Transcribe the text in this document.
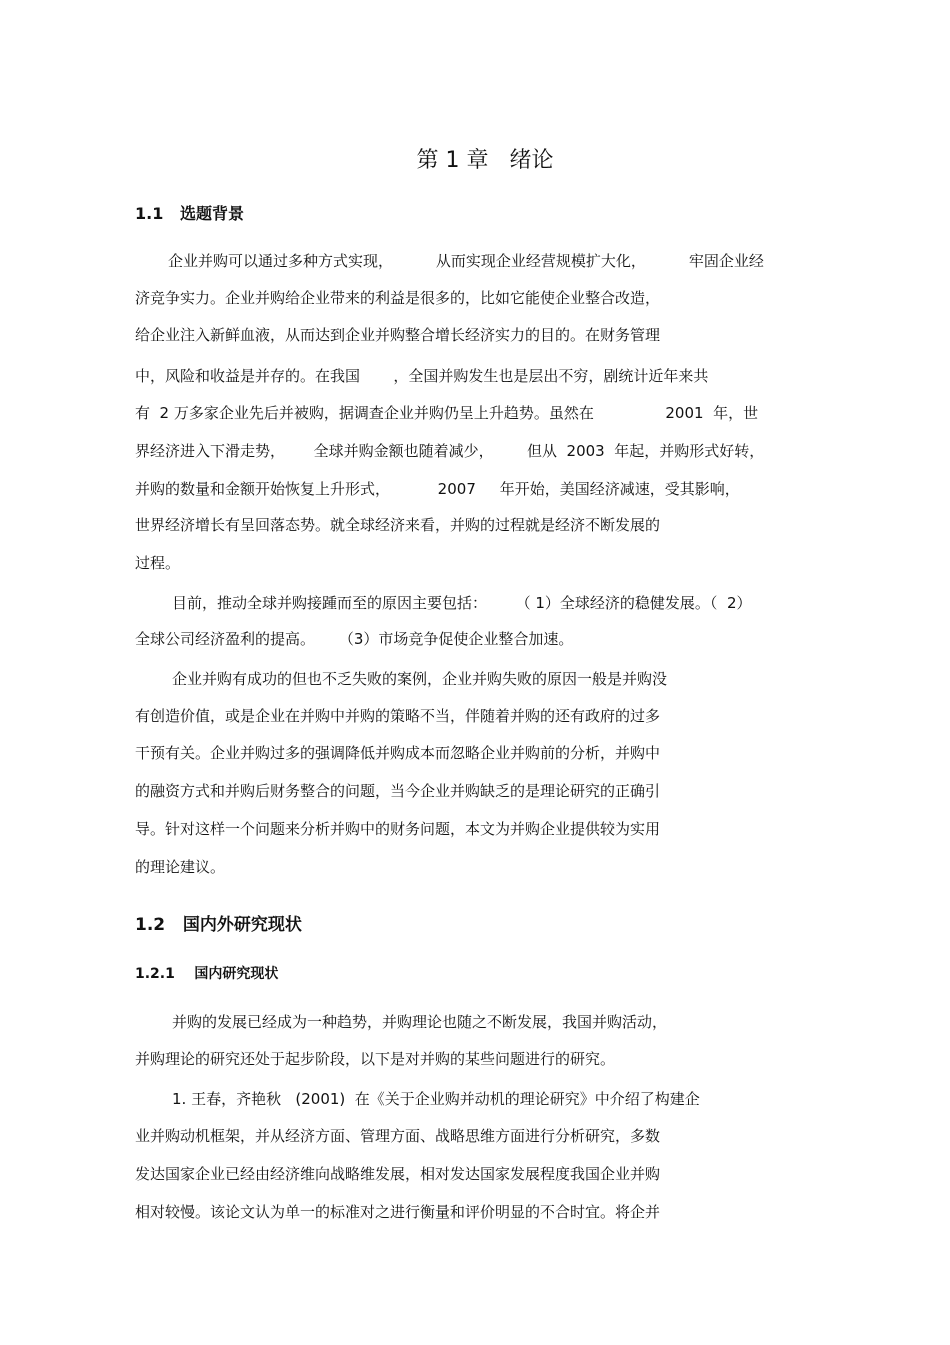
第 1 章   绪论
1.1   选题背景

企业并购可以通过多种方式实现，         从而实现企业经营规模扩大化，         牢固企业经

济竞争实力。企业并购给企业带来的利益是很多的，比如它能使企业整合改造，

给企业注入新鲜血液，从而达到企业并购整合增长经济实力的目的。在财务管理

中，风险和收益是并存的。在我国       ，全国并购发生也是层出不穷，剧统计近年来共

有  2 万多家企业先后并被购，据调查企业并购仍呈上升趋势。虽然在               2001  年，世

界经济进入下滑走势，      全球并购金额也随着减少，       但从  2003  年起，并购形式好转，

并购的数量和金额开始恢复上升形式，          2007     年开始，美国经济减速，受其影响，

世界经济增长有呈回落态势。就全球经济来看，并购的过程就是经济不断发展的

过程。

目前，推动全球并购接踵而至的原因主要包括：      （ 1）全球经济的稳健发展。（  2）

全球公司经济盈利的提高。     （3）市场竞争促使企业整合加速。

企业并购有成功的但也不乏失败的案例，企业并购失败的原因一般是并购没

有创造价值，或是企业在并购中并购的策略不当，伴随着并购的还有政府的过多

干预有关。企业并购过多的强调降低并购成本而忽略企业并购前的分析，并购中

的融资方式和并购后财务整合的问题，当今企业并购缺乏的是理论研究的正确引

导。针对这样一个问题来分析并购中的财务问题，本文为并购企业提供较为实用

的理论建议。

1.2   国内外研究现状
1.2.1    国内研究现状

并购的发展已经成为一种趋势，并购理论也随之不断发展，我国并购活动，

并购理论的研究还处于起步阶段，以下是对并购的某些问题进行的研究。

1. 王春，齐艳秋   (2001)  在《关于企业购并动机的理论研究》中介绍了构建企

业并购动机框架，并从经济方面、管理方面、战略思维方面进行分析研究，多数

发达国家企业已经由经济维向战略维发展，相对发达国家发展程度我国企业并购

相对较慢。该论文认为单一的标准对之进行衡量和评价明显的不合时宜。将企并
